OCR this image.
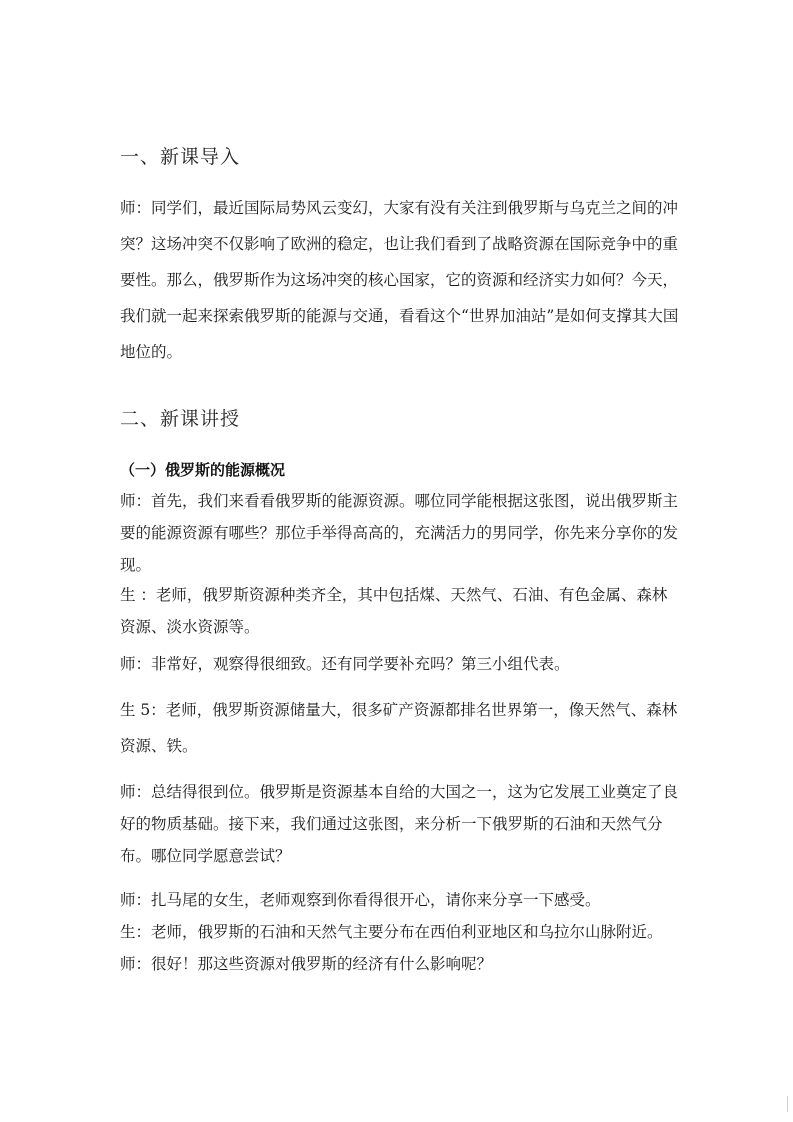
一、新课导入

师：同学们，最近国际局势风云变幻，大家有没有关注到俄罗斯与乌克兰之间的冲突？这场冲突不仅影响了欧洲的稳定，也让我们看到了战略资源在国际竞争中的重要性。那么，俄罗斯作为这场冲突的核心国家，它的资源和经济实力如何？今天，我们就一起来探索俄罗斯的能源与交通，看看这个“世界加油站”是如何支撑其大国地位的。

二、新课讲授
（一）俄罗斯的能源概况

师：首先，我们来看看俄罗斯的能源资源。哪位同学能根据这张图，说出俄罗斯主要的能源资源有哪些？那位手举得高高的，充满活力的男同学，你先来分享你的发现。

生 ：老师，俄罗斯资源种类齐全，其中包括煤、天然气、石油、有色金属、森林资源、淡水资源等。

师：非常好，观察得很细致。还有同学要补充吗？第三小组代表。

生 5：老师，俄罗斯资源储量大，很多矿产资源都排名世界第一，像天然气、森林资源、铁。

师：总结得很到位。俄罗斯是资源基本自给的大国之一，这为它发展工业奠定了良好的物质基础。接下来，我们通过这张图，来分析一下俄罗斯的石油和天然气分布。哪位同学愿意尝试？

师：扎马尾的女生，老师观察到你看得很开心，请你来分享一下感受。

生：老师，俄罗斯的石油和天然气主要分布在西伯利亚地区和乌拉尔山脉附近。

师：很好！那这些资源对俄罗斯的经济有什么影响呢？
